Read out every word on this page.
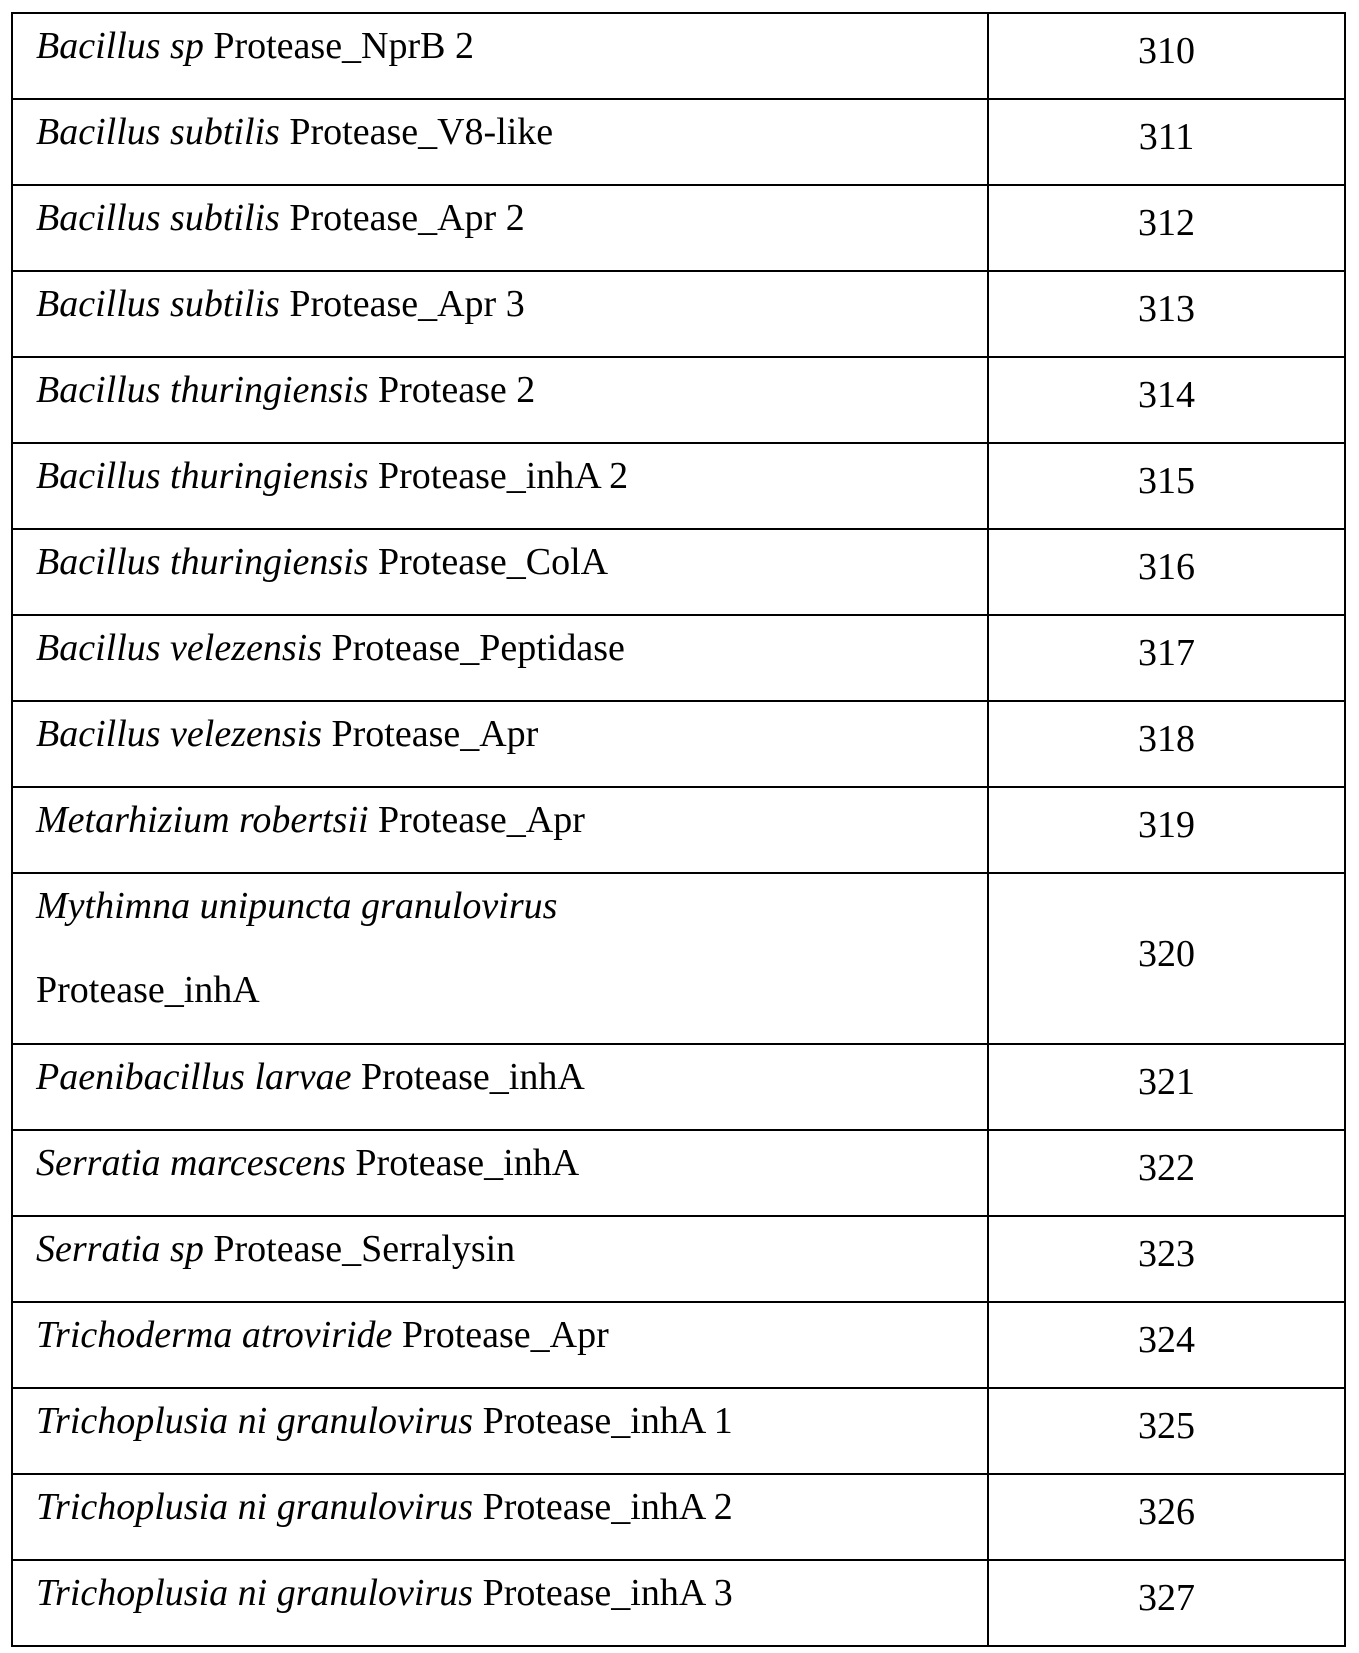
Bacillus sp Protease_NprB 2	310

Bacillus subtilis Protease_V8-like	311

Bacillus subtilis Protease_Apr 2	312

Bacillus subtilis Protease_Apr 3	313

Bacillus thuringiensis Protease 2	314

Bacillus thuringiensis Protease_inhA 2	315

Bacillus thuringiensis Protease_ColA	316

Bacillus velezensis Protease_Peptidase	317

Bacillus velezensis Protease_Apr	318

Metarhizium robertsii Protease_Apr	319

Mythimna unipuncta granulovirus
Protease_inhA
	320

Paenibacillus larvae Protease_inhA	321

Serratia marcescens Protease_inhA	322

Serratia sp Protease_Serralysin	323

Trichoderma atroviride Protease_Apr	324

Trichoplusia ni granulovirus Protease_inhA 1	325

Trichoplusia ni granulovirus Protease_inhA 2	326

Trichoplusia ni granulovirus Protease_inhA 3	327
